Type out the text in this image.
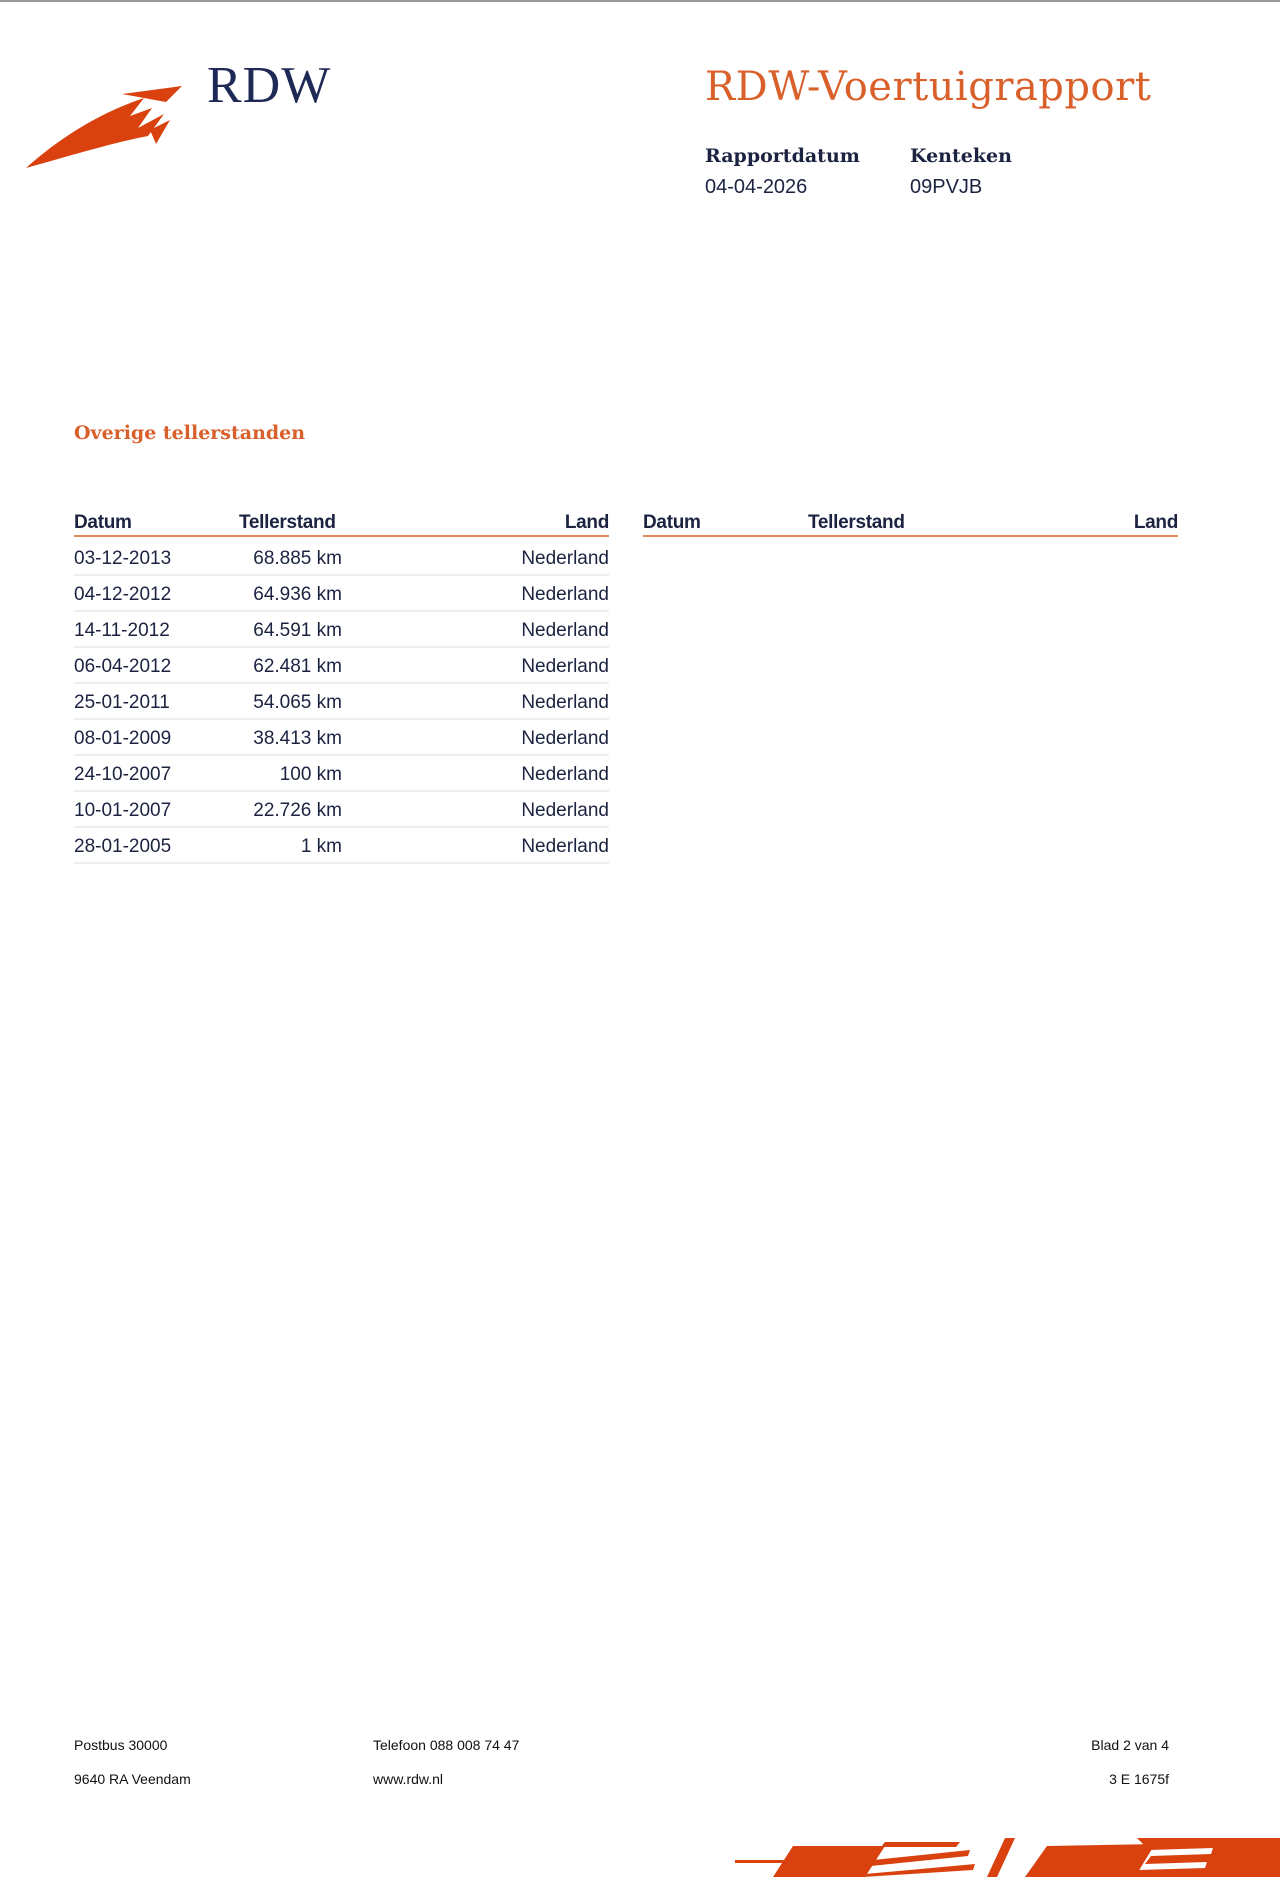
RDW	RDW-Voertuigrapport
Rapportdatum	Kenteken
04-04-2026	09PVJB
Overige tellerstanden
Datum	Tellerstand	Land
03-12-2013	68.885 km	Nederland
04-12-2012	64.936 km	Nederland
14-11-2012	64.591 km	Nederland
06-04-2012	62.481 km	Nederland
25-01-2011	54.065 km	Nederland
08-01-2009	38.413 km	Nederland
24-10-2007	100 km	Nederland
10-01-2007	22.726 km	Nederland
28-01-2005	1 km	Nederland
Datum	Tellerstand	Land
Postbus 30000
9640 RA Veendam
Telefoon 088 008 74 47
www.rdw.nl
Blad 2 van 4
3 E 1675f
